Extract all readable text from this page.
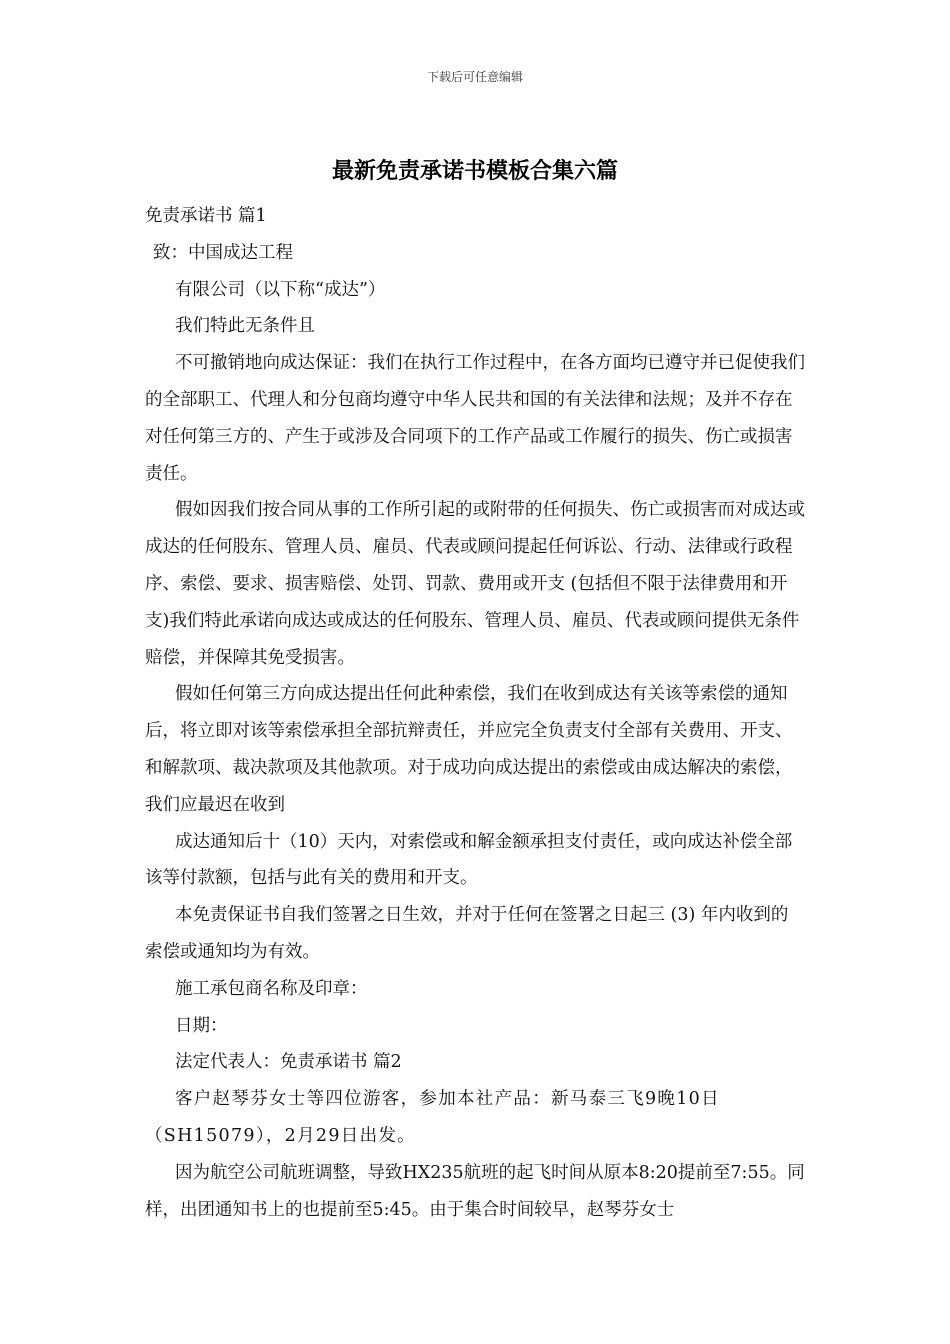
下载后可任意编辑
最新免责承诺书模板合集六篇

免责承诺书 篇1

致：中国成达工程

有限公司（以下称“成达”）

我们特此无条件且

不可撤销地向成达保证：我们在执行工作过程中，在各方面均已遵守并已促使我们的全部职工、代理人和分包商均遵守中华人民共和国的有关法律和法规；及并不存在对任何第三方的、产生于或涉及合同项下的工作产品或工作履行的损失、伤亡或损害责任。

假如因我们按合同从事的工作所引起的或附带的任何损失、伤亡或损害而对成达或成达的任何股东、管理人员、雇员、代表或顾问提起任何诉讼、行动、法律或行政程序、索偿、要求、损害赔偿、处罚、罚款、费用或开支 (包括但不限于法律费用和开支)我们特此承诺向成达或成达的任何股东、管理人员、雇员、代表或顾问提供无条件赔偿，并保障其免受损害。

假如任何第三方向成达提出任何此种索偿，我们在收到成达有关该等索偿的通知后，将立即对该等索偿承担全部抗辩责任，并应完全负责支付全部有关费用、开支、和解款项、裁决款项及其他款项。对于成功向成达提出的索偿或由成达解决的索偿，我们应最迟在收到

成达通知后十（10）天内，对索偿或和解金额承担支付责任，或向成达补偿全部该等付款额，包括与此有关的费用和开支。

本免责保证书自我们签署之日生效，并对于任何在签署之日起三 (3) 年内收到的索偿或通知均为有效。

施工承包商名称及印章：

日期：

法定代表人：免责承诺书 篇2

客户赵琴芬女士等四位游客，参加本社产品：新马泰三飞9晚10日（SH15079），2月29日出发。

因为航空公司航班调整，导致HX235航班的起飞时间从原本8:20提前至7:55。同样，出团通知书上的也提前至5:45。由于集合时间较早，赵琴芬女士
